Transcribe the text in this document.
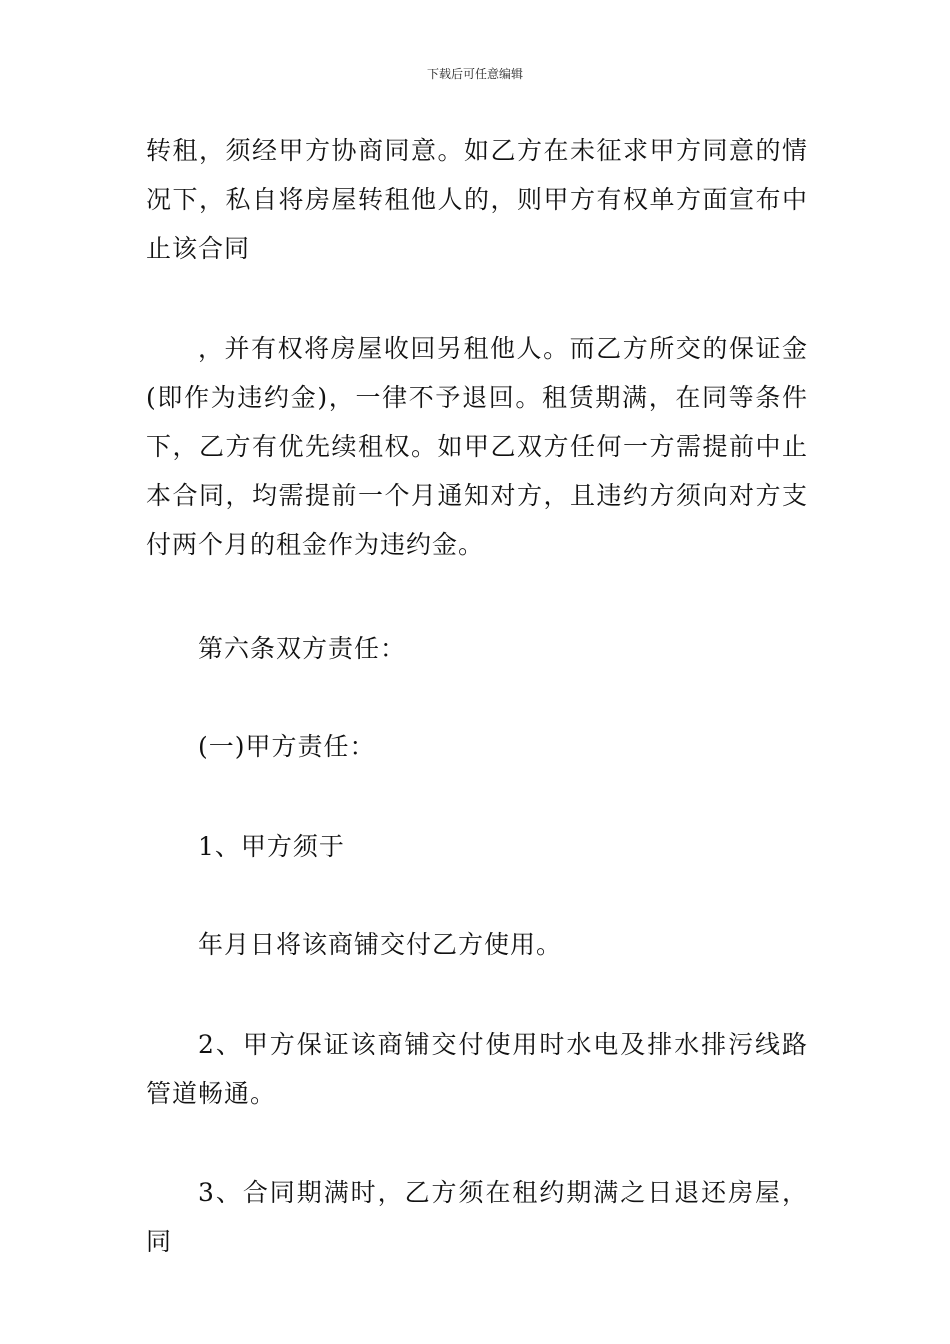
下载后可任意编辑

转租，须经甲方协商同意。如乙方在未征求甲方同意的情况下，私自将房屋转租他人的，则甲方有权单方面宣布中止该合同

，并有权将房屋收回另租他人。而乙方所交的保证金(即作为违约金)，一律不予退回。租赁期满，在同等条件下，乙方有优先续租权。如甲乙双方任何一方需提前中止本合同，均需提前一个月通知对方，且违约方须向对方支付两个月的租金作为违约金。

第六条双方责任：

(一)甲方责任：

1、甲方须于

年月日将该商铺交付乙方使用。

2、甲方保证该商铺交付使用时水电及排水排污线路管道畅通。

3、合同期满时，乙方须在租约期满之日退还房屋，同
